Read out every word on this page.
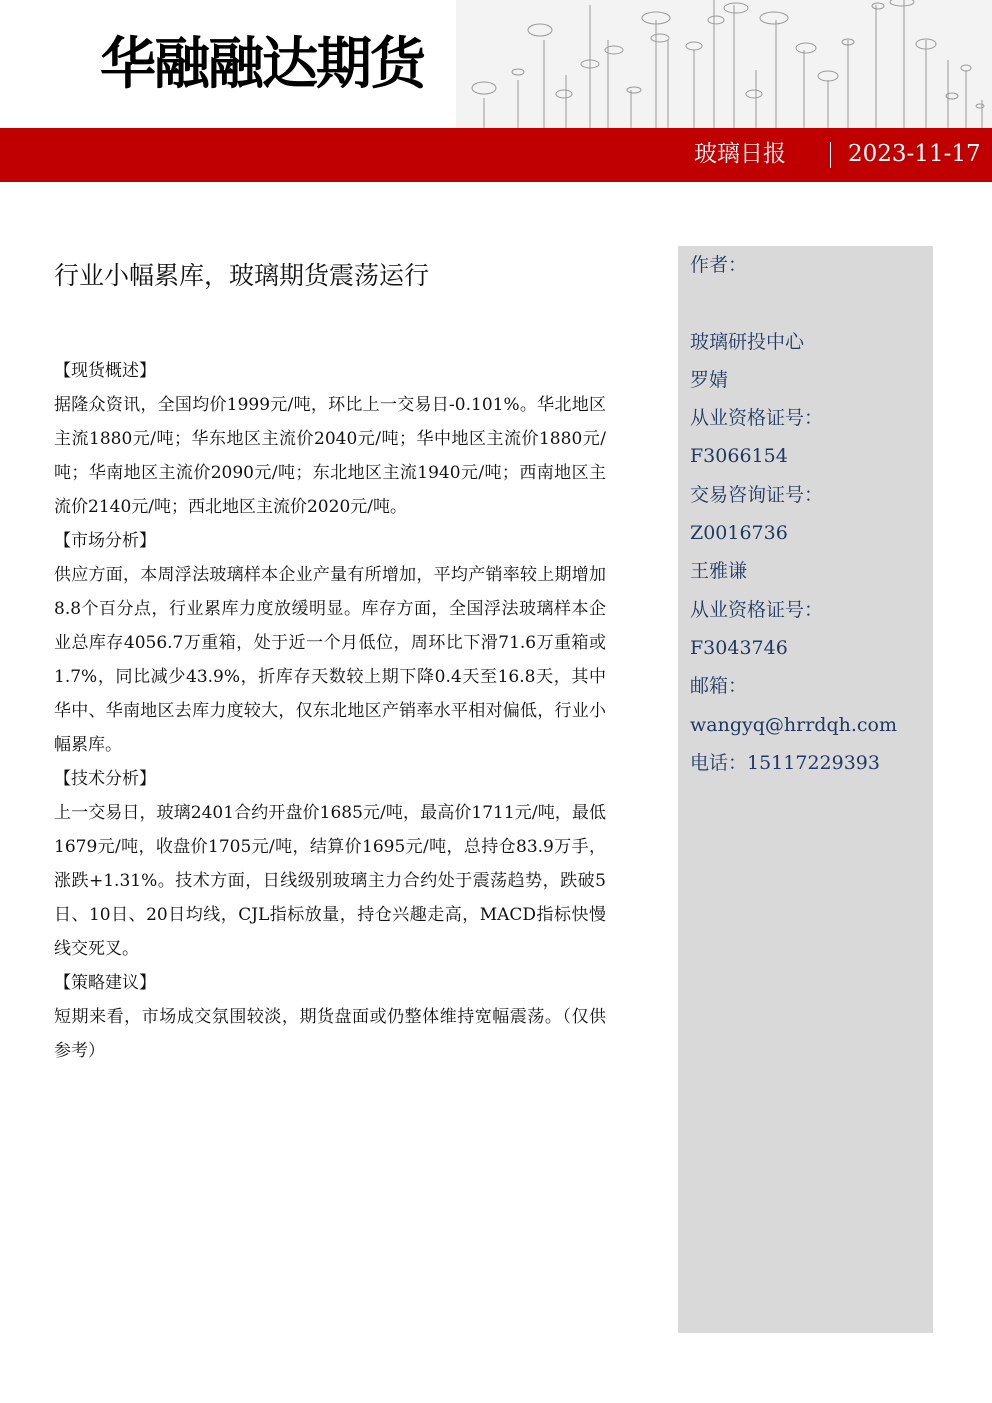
华融融达期货
玻璃日报	2023-11-17
行业小幅累库，玻璃期货震荡运行

【现货概述】

据隆众资讯，全国均价1999元/吨，环比上一交易日-0.101%。华北地区主流1880元/吨；华东地区主流价2040元/吨；华中地区主流价1880元/吨；华南地区主流价2090元/吨；东北地区主流1940元/吨；西南地区主流价2140元/吨；西北地区主流价2020元/吨。

【市场分析】

供应方面，本周浮法玻璃样本企业产量有所增加，平均产销率较上期增加8.8个百分点，行业累库力度放缓明显。库存方面，全国浮法玻璃样本企业总库存4056.7万重箱，处于近一个月低位，周环比下滑71.6万重箱或1.7%，同比减少43.9%，折库存天数较上期下降0.4天至16.8天，其中华中、华南地区去库力度较大，仅东北地区产销率水平相对偏低，行业小幅累库。

【技术分析】

上一交易日，玻璃2401合约开盘价1685元/吨，最高价1711元/吨，最低1679元/吨，收盘价1705元/吨，结算价1695元/吨，总持仓83.9万手，涨跌+1.31%。技术方面，日线级别玻璃主力合约处于震荡趋势，跌破5日、10日、20日均线，CJL指标放量，持仓兴趣走高，MACD指标快慢线交死叉。

【策略建议】

短期来看，市场成交氛围较淡，期货盘面或仍整体维持宽幅震荡。（仅供参考）

作者：
玻璃研投中心
罗婧
从业资格证号：
F3066154
交易咨询证号：
Z0016736
王雅谦
从业资格证号：
F3043746
邮箱：
wangyq@hrrdqh.com
电话：15117229393
